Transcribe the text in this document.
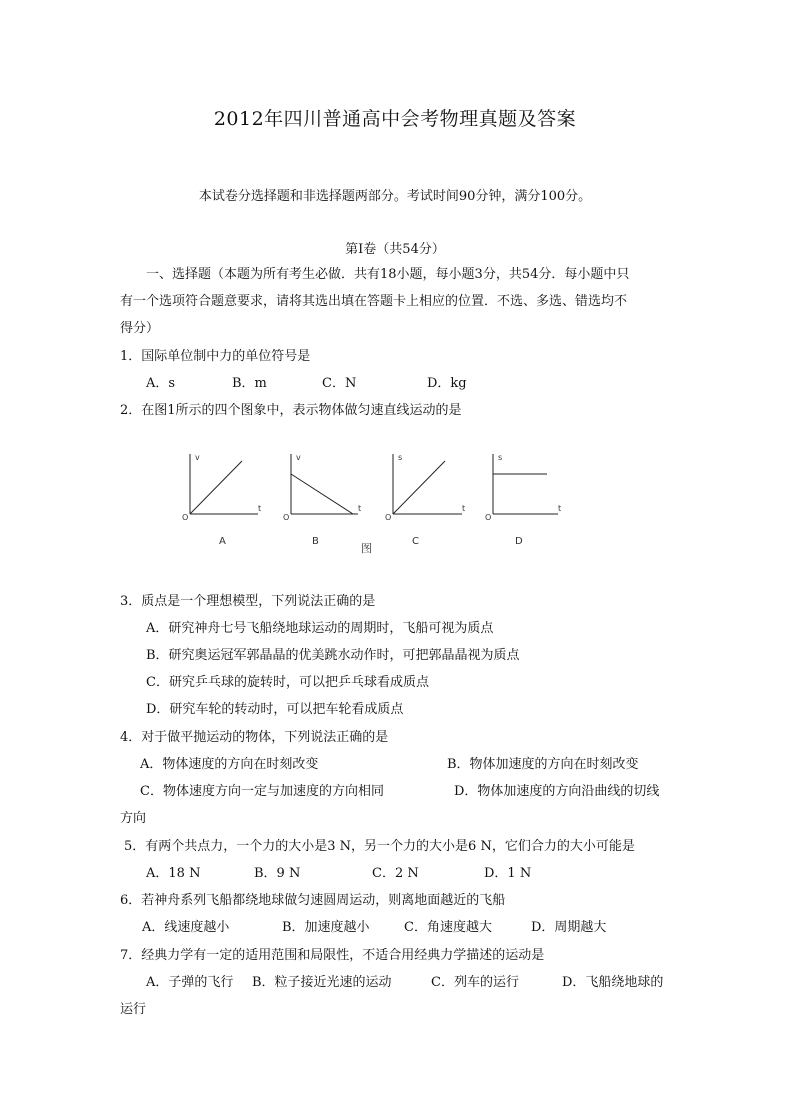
2012年四川普通高中会考物理真题及答案
本试卷分选择题和非选择题两部分。考试时间90分钟，满分100分。
第Ⅰ卷（共54分）
一、选择题（本题为所有考生必做．共有18小题，每小题3分，共54分．每小题中只
有一个选项符合题意要求，请将其选出填在答题卡上相应的位置．不选、多选、错选均不
得分）
1．国际单位制中力的单位符号是
A．s	B．m	C．N	D．kg
2．在图1所示的四个图象中，表示物体做匀速直线运动的是
v
t
O
A
v
t
O
B
s
t
O
C
s
t
O
D
图
3．质点是一个理想模型，下列说法正确的是
A．研究神舟七号飞船绕地球运动的周期时，飞船可视为质点
B．研究奥运冠军郭晶晶的优美跳水动作时，可把郭晶晶视为质点
C．研究乒乓球的旋转时，可以把乒乓球看成质点
D．研究车轮的转动时，可以把车轮看成质点
4．对于做平抛运动的物体，下列说法正确的是
A．物体速度的方向在时刻改变	B．物体加速度的方向在时刻改变
C．物体速度方向一定与加速度的方向相同	D．物体加速度的方向沿曲线的切线
方向
5．有两个共点力，一个力的大小是3 N，另一个力的大小是6 N，它们合力的大小可能是
A．18 N	B．9 N	C．2 N	D．1 N
6．若神舟系列飞船都绕地球做匀速圆周运动，则离地面越近的飞船
A．线速度越小	B．加速度越小	C．角速度越大	D．周期越大
7．经典力学有一定的适用范围和局限性，不适合用经典力学描述的运动是
A．子弹的飞行 B．粒子接近光速的运动	C．列车的运行	D．飞船绕地球的
运行
